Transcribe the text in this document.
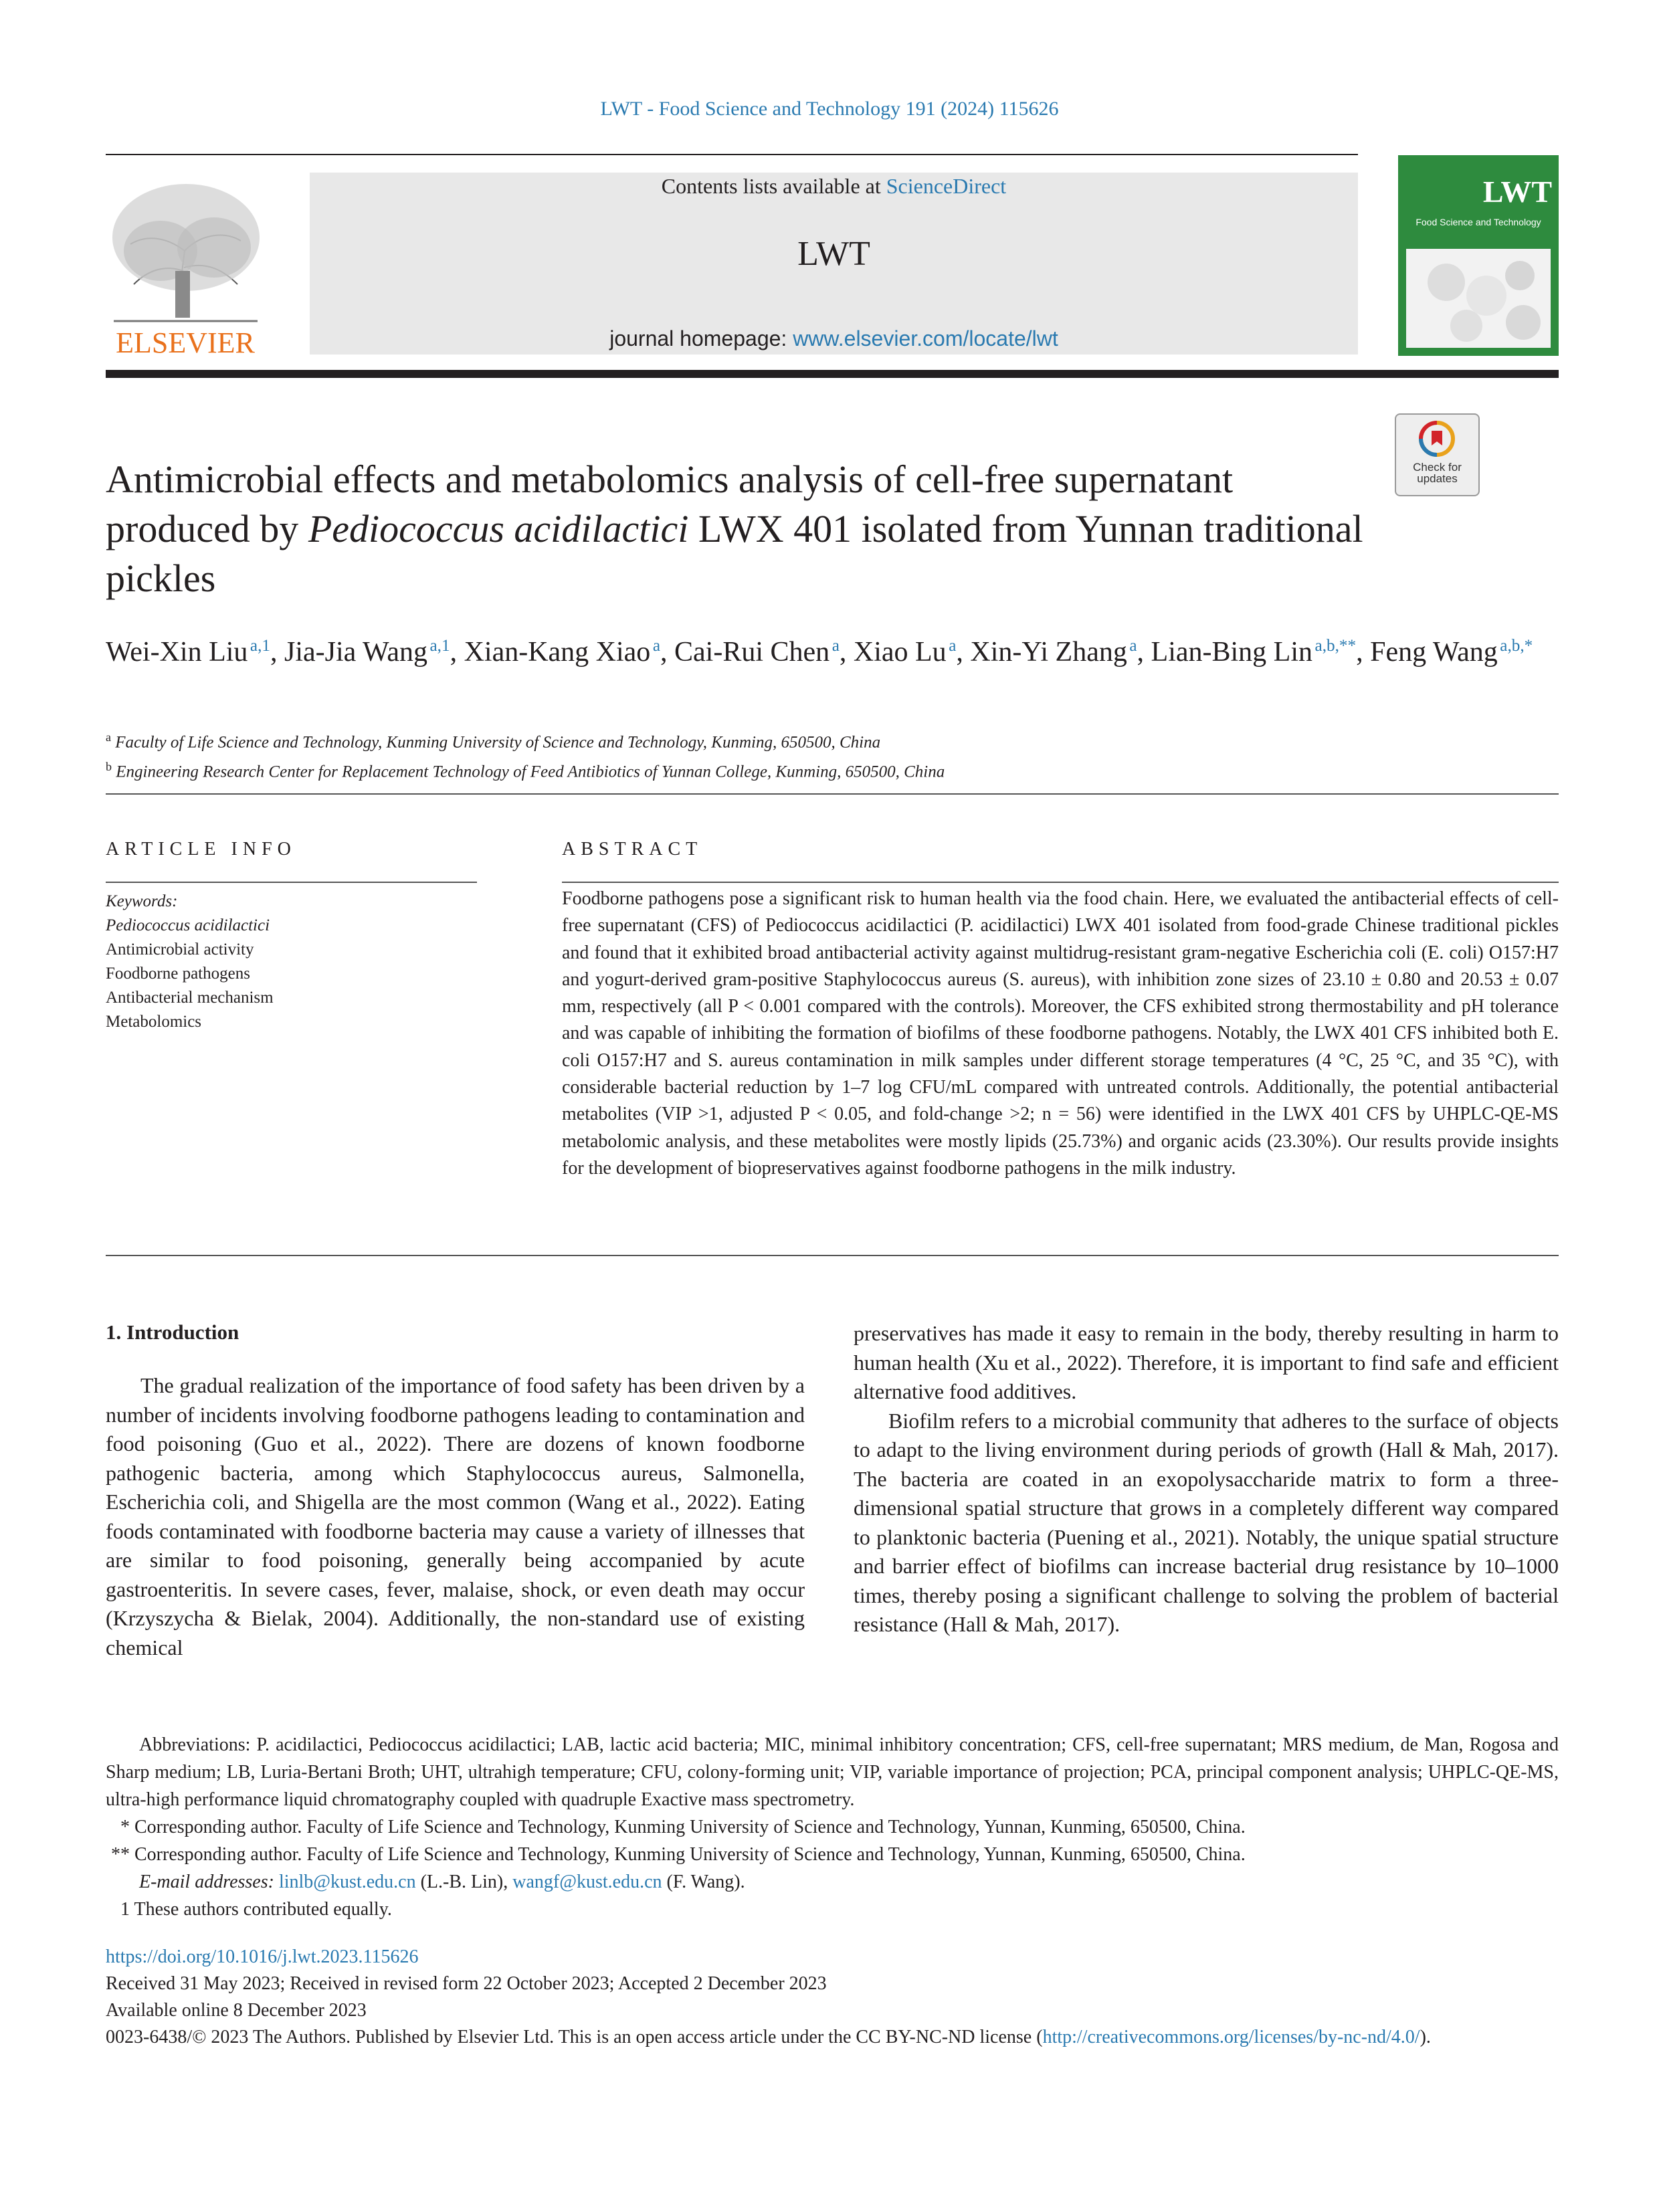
LWT - Food Science and Technology 191 (2024) 115626
ELSEVIER
Contents lists available at ScienceDirect
LWT
journal homepage: www.elsevier.com/locate/lwt
LWT
Food Science and Technology
Check for updates
Antimicrobial effects and metabolomics analysis of cell-free supernatant produced by Pediococcus acidilactici LWX 401 isolated from Yunnan traditional pickles
Wei-Xin Liu  $^{a,1}$, Jia-Jia Wang  $^{a,1}$, Xian-Kang Xiao  $^a$, Cai-Rui Chen  $^a$, Xiao Lu  $^a$, Xin-Yi Zhang  $^a$, Lian-Bing Lin  $^{a,b,**}$, Feng Wang  $^{a,b,*}$
$^a$ Faculty of Life Science and Technology, Kunming University of Science and Technology, Kunming, 650500, China
$^b$ Engineering Research Center for Replacement Technology of Feed Antibiotics of Yunnan College, Kunming, 650500, China
ARTICLE INFO	ABSTRACT
Keywords:
Pediococcus acidilactici
Antimicrobial activity
Foodborne pathogens
Antibacterial mechanism
Metabolomics
Foodborne pathogens pose a significant risk to human health via the food chain. Here, we evaluated the antibacterial effects of cell-free supernatant (CFS) of Pediococcus acidilactici (P. acidilactici) LWX 401 isolated from food-grade Chinese traditional pickles and found that it exhibited broad antibacterial activity against multidrug-resistant gram-negative Escherichia coli (E. coli) O157:H7 and yogurt-derived gram-positive Staphylococcus aureus (S. aureus), with inhibition zone sizes of 23.10 ± 0.80 and 20.53 ± 0.07 mm, respectively (all P < 0.001 compared with the controls). Moreover, the CFS exhibited strong thermostability and pH tolerance and was capable of inhibiting the formation of biofilms of these foodborne pathogens. Notably, the LWX 401 CFS inhibited both E. coli O157:H7 and S. aureus contamination in milk samples under different storage temperatures (4 °C, 25 °C, and 35 °C), with considerable bacterial reduction by 1–7 log CFU/mL compared with untreated controls. Additionally, the potential antibacterial metabolites (VIP >1, adjusted P < 0.05, and fold-change >2; n = 56) were identified in the LWX 401 CFS by UHPLC-QE-MS metabolomic analysis, and these metabolites were mostly lipids (25.73%) and organic acids (23.30%). Our results provide insights for the development of biopreservatives against foodborne pathogens in the milk industry.
1. Introduction

The gradual realization of the importance of food safety has been driven by a number of incidents involving foodborne pathogens leading to contamination and food poisoning (Guo et al., 2022). There are dozens of known foodborne pathogenic bacteria, among which Staphylococcus aureus, Salmonella, Escherichia coli, and Shigella are the most common (Wang et al., 2022). Eating foods contaminated with foodborne bacteria may cause a variety of illnesses that are similar to food poisoning, generally being accompanied by acute gastroenteritis. In severe cases, fever, malaise, shock, or even death may occur (Krzyszycha & Bielak, 2004). Additionally, the non-standard use of existing chemical

preservatives has made it easy to remain in the body, thereby resulting in harm to human health (Xu et al., 2022). Therefore, it is important to find safe and efficient alternative food additives.

Biofilm refers to a microbial community that adheres to the surface of objects to adapt to the living environment during periods of growth (Hall & Mah, 2017). The bacteria are coated in an exopolysaccharide matrix to form a three-dimensional spatial structure that grows in a completely different way compared to planktonic bacteria (Puening et al., 2021). Notably, the unique spatial structure and barrier effect of biofilms can increase bacterial drug resistance by 10–1000 times, thereby posing a significant challenge to solving the problem of bacterial resistance (Hall & Mah, 2017).

Abbreviations: P. acidilactici, Pediococcus acidilactici; LAB, lactic acid bacteria; MIC, minimal inhibitory concentration; CFS, cell-free supernatant; MRS medium, de Man, Rogosa and Sharp medium; LB, Luria-Bertani Broth; UHT, ultrahigh temperature; CFU, colony-forming unit; VIP, variable importance of projection; PCA, principal component analysis; UHPLC-QE-MS, ultra-high performance liquid chromatography coupled with quadruple Exactive mass spectrometry.

* Corresponding author. Faculty of Life Science and Technology, Kunming University of Science and Technology, Yunnan, Kunming, 650500, China.

** Corresponding author. Faculty of Life Science and Technology, Kunming University of Science and Technology, Yunnan, Kunming, 650500, China.

E-mail addresses: linlb@kust.edu.cn (L.-B. Lin), wangf@kust.edu.cn (F. Wang).

1 These authors contributed equally.

https://doi.org/10.1016/j.lwt.2023.115626

Received 31 May 2023; Received in revised form 22 October 2023; Accepted 2 December 2023

Available online 8 December 2023

0023-6438/© 2023 The Authors. Published by Elsevier Ltd. This is an open access article under the CC BY-NC-ND license (http://creativecommons.org/licenses/by-nc-nd/4.0/).
